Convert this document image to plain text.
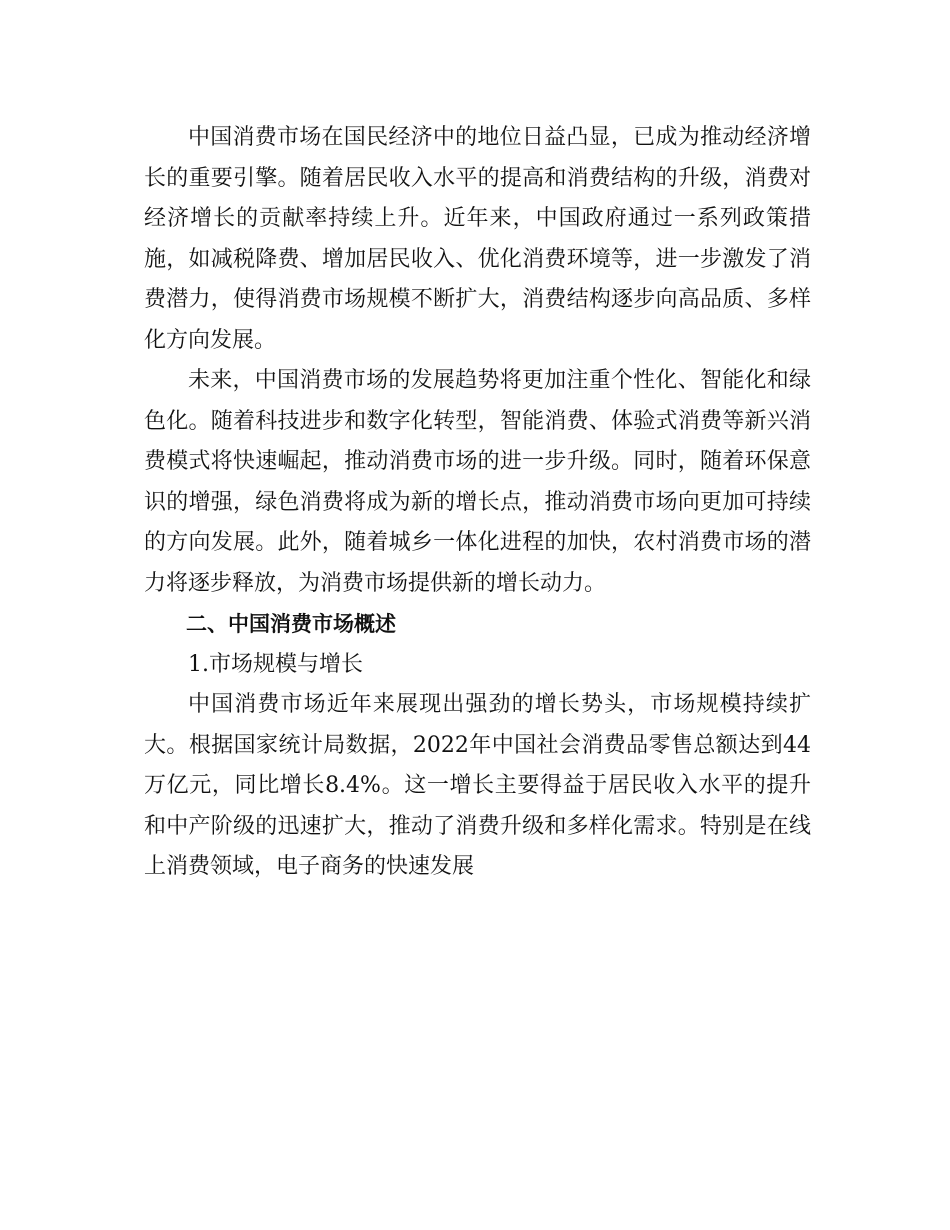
中国消费市场在国民经济中的地位日益凸显，已成为推动经济增长的重要引擎。随着居民收入水平的提高和消费结构的升级，消费对经济增长的贡献率持续上升。近年来，中国政府通过一系列政策措施，如减税降费、增加居民收入、优化消费环境等，进一步激发了消费潜力，使得消费市场规模不断扩大，消费结构逐步向高品质、多样化方向发展。

未来，中国消费市场的发展趋势将更加注重个性化、智能化和绿色化。随着科技进步和数字化转型，智能消费、体验式消费等新兴消费模式将快速崛起，推动消费市场的进一步升级。同时，随着环保意识的增强，绿色消费将成为新的增长点，推动消费市场向更加可持续的方向发展。此外，随着城乡一体化进程的加快，农村消费市场的潜力将逐步释放，为消费市场提供新的增长动力。

二、中国消费市场概述

1.市场规模与增长

中国消费市场近年来展现出强劲的增长势头，市场规模持续扩大。根据国家统计局数据，2022年中国社会消费品零售总额达到44万亿元，同比增长8.4%。这一增长主要得益于居民收入水平的提升和中产阶级的迅速扩大，推动了消费升级和多样化需求。特别是在线上消费领域，电子商务的快速发展
